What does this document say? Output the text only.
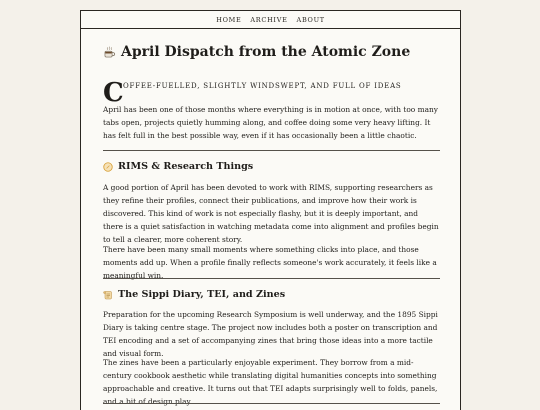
HOME ARCHIVE ABOUT
April Dispatch from the Atomic Zone
C OFFEE-FUELLED, SLIGHTLY WINDSWEPT, AND FULL OF IDEAS

April has been one of those months where everything is in motion at once, with too many tabs open, projects quietly humming along, and coffee doing some very heavy lifting. It has felt full in the best possible way, even if it has occasionally been a little chaotic.

RIMS & Research Things

A good portion of April has been devoted to work with RIMS, supporting researchers as they refine their profiles, connect their publications, and improve how their work is discovered. This kind of work is not especially flashy, but it is deeply important, and there is a quiet satisfaction in watching metadata come into alignment and profiles begin to tell a clearer, more coherent story.

There have been many small moments where something clicks into place, and those moments add up. When a profile finally reflects someone's work accurately, it feels like a meaningful win.

The Sippi Diary, TEI, and Zines

Preparation for the upcoming Research Symposium is well underway, and the 1895 Sippi Diary is taking centre stage. The project now includes both a poster on transcription and TEI encoding and a set of accompanying zines that bring those ideas into a more tactile and visual form.

The zines have been a particularly enjoyable experiment. They borrow from a mid-century cookbook aesthetic while translating digital humanities concepts into something approachable and creative. It turns out that TEI adapts surprisingly well to folds, panels, and a bit of design play.
